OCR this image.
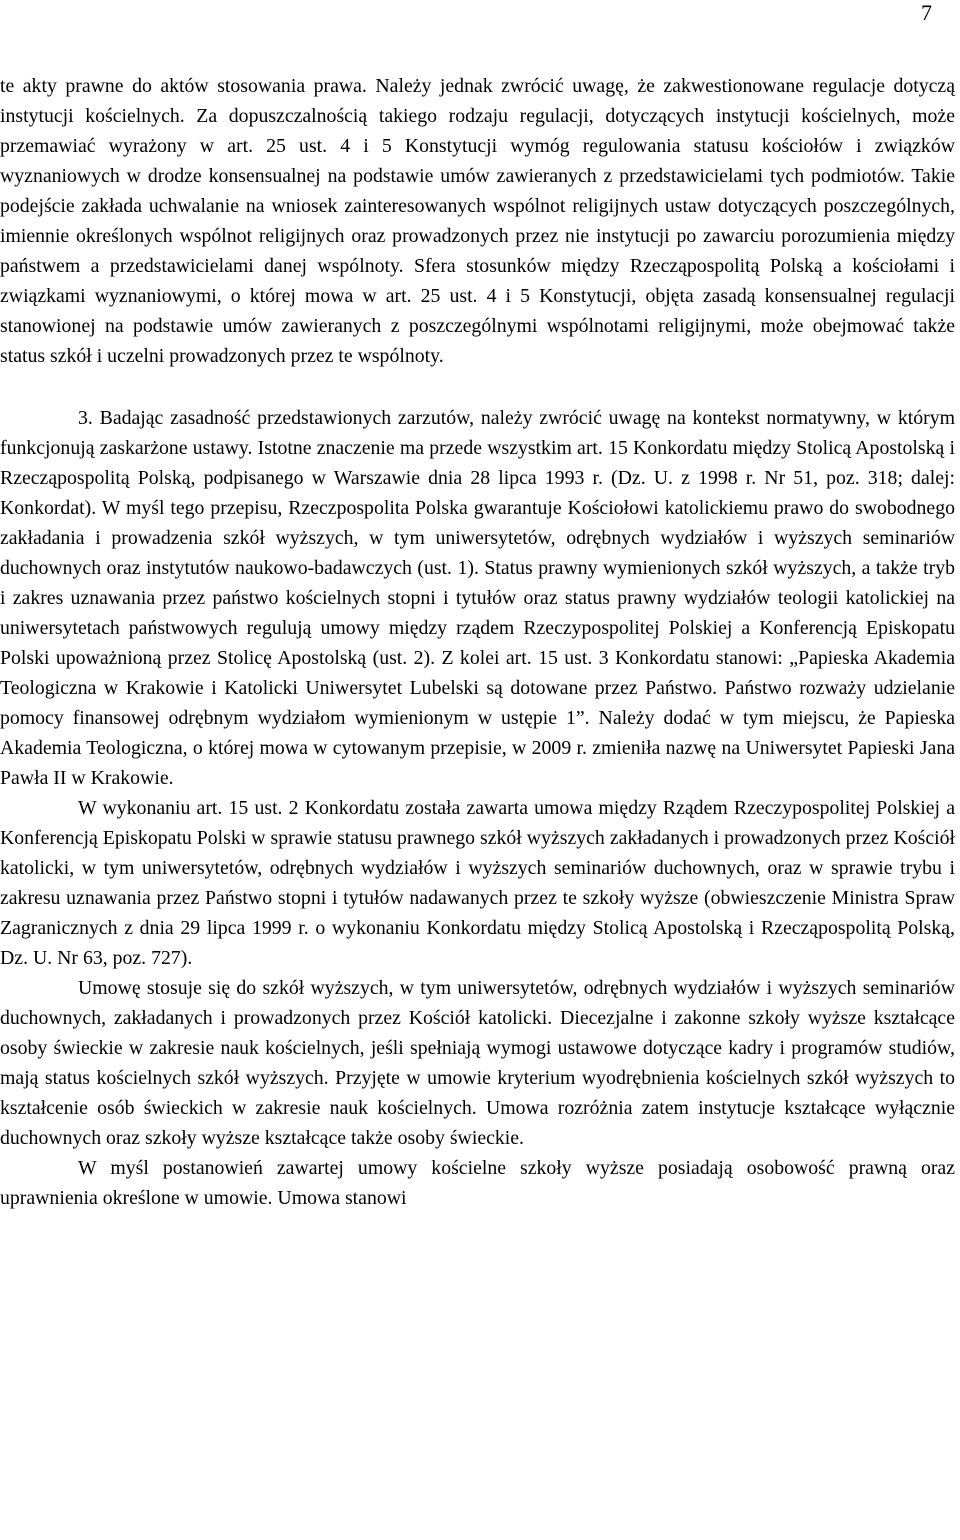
7

te akty prawne do aktów stosowania prawa. Należy jednak zwrócić uwagę, że zakwestionowane regulacje dotyczą instytucji kościelnych. Za dopuszczalnością takiego rodzaju regulacji, dotyczących instytucji kościelnych, może przemawiać wyrażony w art. 25 ust. 4 i 5 Konstytucji wymóg regulowania statusu kościołów i związków wyznaniowych w drodze konsensualnej na podstawie umów zawieranych z przedstawicielami tych podmiotów. Takie podejście zakłada uchwalanie na wniosek zainteresowanych wspólnot religijnych ustaw dotyczących poszczególnych, imiennie określonych wspólnot religijnych oraz prowadzonych przez nie instytucji po zawarciu porozumienia między państwem a przedstawicielami danej wspólnoty. Sfera stosunków między Rzecząpospolitą Polską a kościołami i związkami wyznaniowymi, o której mowa w art. 25 ust. 4 i 5 Konstytucji, objęta zasadą konsensualnej regulacji stanowionej na podstawie umów zawieranych z poszczególnymi wspólnotami religijnymi, może obejmować także status szkół i uczelni prowadzonych przez te wspólnoty.

3. Badając zasadność przedstawionych zarzutów, należy zwrócić uwagę na kontekst normatywny, w którym funkcjonują zaskarżone ustawy. Istotne znaczenie ma przede wszystkim art. 15 Konkordatu między Stolicą Apostolską i Rzecząpospolitą Polską, podpisanego w Warszawie dnia 28 lipca 1993 r. (Dz. U. z 1998 r. Nr 51, poz. 318; dalej: Konkordat). W myśl tego przepisu, Rzeczpospolita Polska gwarantuje Kościołowi katolickiemu prawo do swobodnego zakładania i prowadzenia szkół wyższych, w tym uniwersytetów, odrębnych wydziałów i wyższych seminariów duchownych oraz instytutów naukowo-badawczych (ust. 1). Status prawny wymienionych szkół wyższych, a także tryb i zakres uznawania przez państwo kościelnych stopni i tytułów oraz status prawny wydziałów teologii katolickiej na uniwersytetach państwowych regulują umowy między rządem Rzeczypospolitej Polskiej a Konferencją Episkopatu Polski upoważnioną przez Stolicę Apostolską (ust. 2). Z kolei art. 15 ust. 3 Konkordatu stanowi: „Papieska Akademia Teologiczna w Krakowie i Katolicki Uniwersytet Lubelski są dotowane przez Państwo. Państwo rozważy udzielanie pomocy finansowej odrębnym wydziałom wymienionym w ustępie 1”. Należy dodać w tym miejscu, że Papieska Akademia Teologiczna, o której mowa w cytowanym przepisie, w 2009 r. zmieniła nazwę na Uniwersytet Papieski Jana Pawła II w Krakowie.

W wykonaniu art. 15 ust. 2 Konkordatu została zawarta umowa między Rządem Rzeczypospolitej Polskiej a Konferencją Episkopatu Polski w sprawie statusu prawnego szkół wyższych zakładanych i prowadzonych przez Kościół katolicki, w tym uniwersytetów, odrębnych wydziałów i wyższych seminariów duchownych, oraz w sprawie trybu i zakresu uznawania przez Państwo stopni i tytułów nadawanych przez te szkoły wyższe (obwieszczenie Ministra Spraw Zagranicznych z dnia 29 lipca 1999 r. o wykonaniu Konkordatu między Stolicą Apostolską i Rzecząpospolitą Polską, Dz. U. Nr 63, poz. 727).

Umowę stosuje się do szkół wyższych, w tym uniwersytetów, odrębnych wydziałów i wyższych seminariów duchownych, zakładanych i prowadzonych przez Kościół katolicki. Diecezjalne i zakonne szkoły wyższe kształcące osoby świeckie w zakresie nauk kościelnych, jeśli spełniają wymogi ustawowe dotyczące kadry i programów studiów, mają status kościelnych szkół wyższych. Przyjęte w umowie kryterium wyodrębnienia kościelnych szkół wyższych to kształcenie osób świeckich w zakresie nauk kościelnych. Umowa rozróżnia zatem instytucje kształcące wyłącznie duchownych oraz szkoły wyższe kształcące także osoby świeckie.

W myśl postanowień zawartej umowy kościelne szkoły wyższe posiadają osobowość prawną oraz uprawnienia określone w umowie. Umowa stanowi
